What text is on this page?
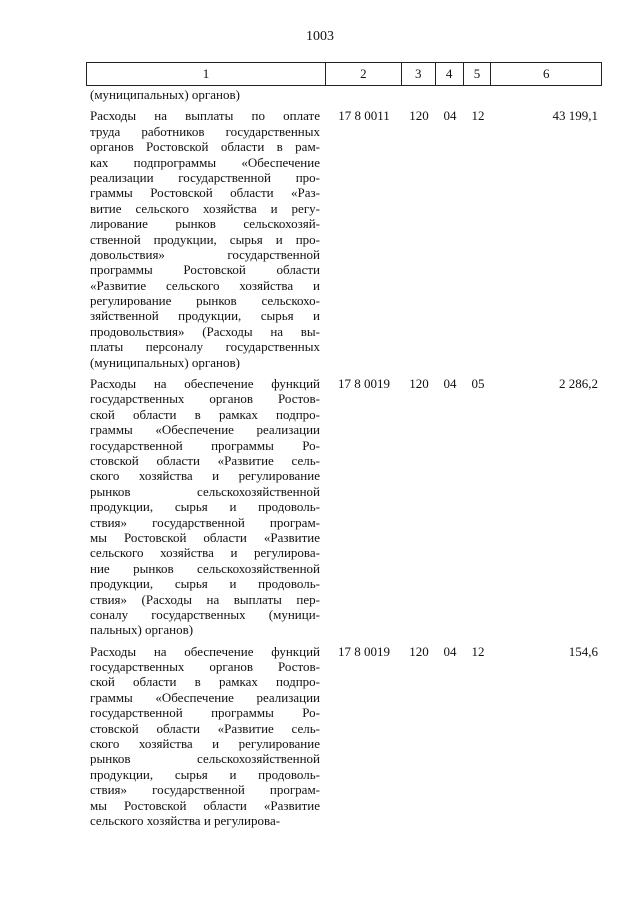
1003
1	2	3	4	5	6
(муниципальных) органов)
Расходы на выплаты по оплате
труда работников государственных
органов Ростовской области в рам-
ках подпрограммы «Обеспечение
реализации государственной про-
граммы Ростовской области «Раз-
витие сельского хозяйства и регу-
лирование рынков сельскохозяй-
ственной продукции, сырья и про-
довольствия» государственной
программы Ростовской области
«Развитие сельского хозяйства и
регулирование рынков сельскохо-
зяйственной продукции, сырья и
продовольствия» (Расходы на вы-
платы персоналу государственных
(муниципальных) органов)
17 8 0011	120	04	12	43 199,1
Расходы на обеспечение функций
государственных органов Ростов-
ской области в рамках подпро-
граммы «Обеспечение реализации
государственной программы Ро-
стовской области «Развитие сель-
ского хозяйства и регулирование
рынков сельскохозяйственной
продукции, сырья и продоволь-
ствия» государственной програм-
мы Ростовской области «Развитие
сельского хозяйства и регулирова-
ние рынков сельскохозяйственной
продукции, сырья и продоволь-
ствия» (Расходы на выплаты пер-
соналу государственных (муници-
пальных) органов)
17 8 0019	120	04	05	2 286,2
Расходы на обеспечение функций
государственных органов Ростов-
ской области в рамках подпро-
граммы «Обеспечение реализации
государственной программы Ро-
стовской области «Развитие сель-
ского хозяйства и регулирование
рынков сельскохозяйственной
продукции, сырья и продоволь-
ствия» государственной програм-
мы Ростовской области «Развитие
сельского хозяйства и регулирова-
17 8 0019	120	04	12	154,6
